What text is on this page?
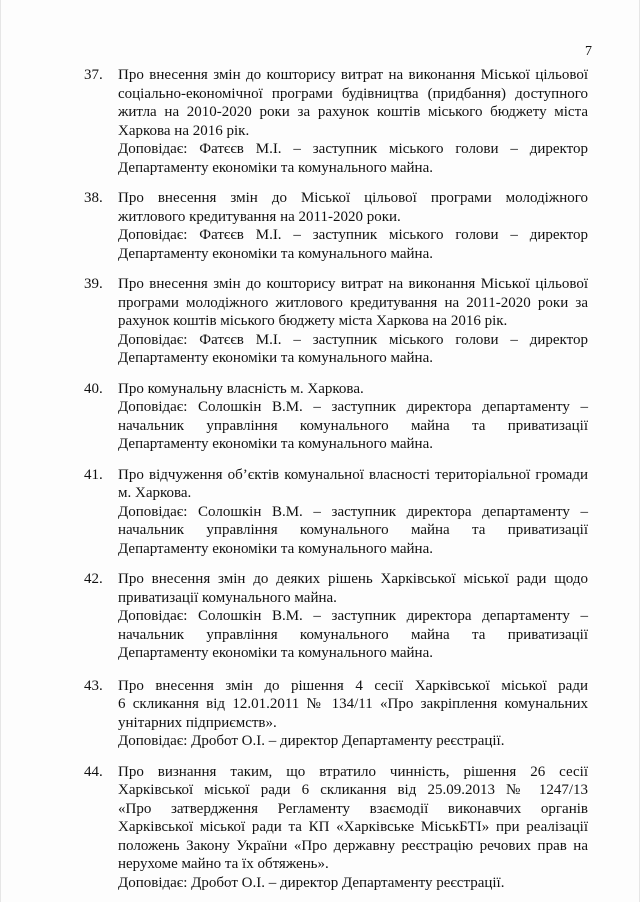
7
37.	Про внесення змін до кошторису витрат на виконання Міської цільової
соціально-економічної програми будівництва (придбання) доступного
житла на 2010-2020 роки за рахунок коштів міського бюджету міста
Харкова на 2016 рік.
Доповідає: Фатєєв М.І. – заступник міського голови – директор
Департаменту економіки та комунального майна.
38.	Про внесення змін до Міської цільової програми молодіжного
житлового кредитування на 2011-2020 роки.
Доповідає: Фатєєв М.І. – заступник міського голови – директор
Департаменту економіки та комунального майна.
39.	Про внесення змін до кошторису витрат на виконання Міської цільової
програми молодіжного житлового кредитування на 2011-2020 роки за
рахунок коштів міського бюджету міста Харкова на 2016 рік.
Доповідає: Фатєєв М.І. – заступник міського голови – директор
Департаменту економіки та комунального майна.
40.	Про комунальну власність м. Харкова.
Доповідає: Солошкін В.М. – заступник директора департаменту –
начальник управління комунального майна та приватизації
Департаменту економіки та комунального майна.
41.	Про відчуження об’єктів комунальної власності територіальної громади
м. Харкова.
Доповідає: Солошкін В.М. – заступник директора департаменту –
начальник управління комунального майна та приватизації
Департаменту економіки та комунального майна.
42.	Про внесення змін до деяких рішень Харківської міської ради щодо
приватизації комунального майна.
Доповідає: Солошкін В.М. – заступник директора департаменту –
начальник управління комунального майна та приватизації
Департаменту економіки та комунального майна.
43.	Про внесення змін до рішення 4 сесії Харківської міської ради
6 скликання від 12.01.2011 № 134/11 «Про закріплення комунальних
унітарних підприємств».
Доповідає: Дробот О.І. – директор Департаменту реєстрації.
44.	Про визнання таким, що втратило чинність, рішення 26 сесії
Харківської міської ради 6 скликання від 25.09.2013 № 1247/13
«Про затвердження Регламенту взаємодії виконавчих органів
Харківської міської ради та КП «Харківське МіськБТІ» при реалізації
положень Закону України «Про державну реєстрацію речових прав на
нерухоме майно та їх обтяжень».
Доповідає: Дробот О.І. – директор Департаменту реєстрації.
